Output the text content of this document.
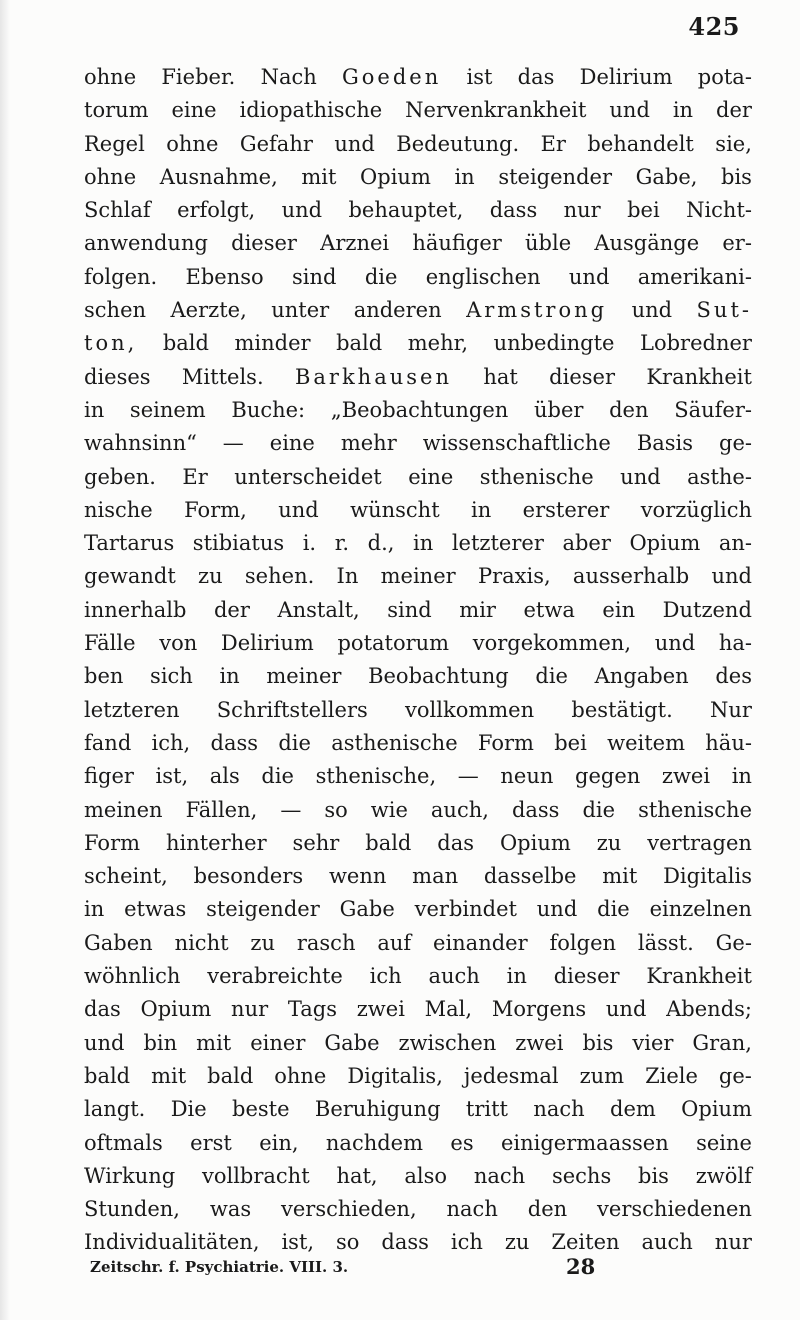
425
ohne Fieber. Nach Goeden ist das Delirium pota-
torum eine idiopathische Nervenkrankheit und in der
Regel ohne Gefahr und Bedeutung. Er behandelt sie,
ohne Ausnahme, mit Opium in steigender Gabe, bis
Schlaf erfolgt, und behauptet, dass nur bei Nicht-
anwendung dieser Arznei häufiger üble Ausgänge er-
folgen. Ebenso sind die englischen und amerikani-
schen Aerzte, unter anderen Armstrong und Sut-
ton, bald minder bald mehr, unbedingte Lobredner
dieses Mittels. Barkhausen hat dieser Krankheit
in seinem Buche: „Beobachtungen über den Säufer-
wahnsinn“ — eine mehr wissenschaftliche Basis ge-
geben. Er unterscheidet eine sthenische und asthe-
nische Form, und wünscht in ersterer vorzüglich
Tartarus stibiatus i. r. d., in letzterer aber Opium an-
gewandt zu sehen. In meiner Praxis, ausserhalb und
innerhalb der Anstalt, sind mir etwa ein Dutzend
Fälle von Delirium potatorum vorgekommen, und ha-
ben sich in meiner Beobachtung die Angaben des
letzteren Schriftstellers vollkommen bestätigt. Nur
fand ich, dass die asthenische Form bei weitem häu-
figer ist, als die sthenische, — neun gegen zwei in
meinen Fällen, — so wie auch, dass die sthenische
Form hinterher sehr bald das Opium zu vertragen
scheint, besonders wenn man dasselbe mit Digitalis
in etwas steigender Gabe verbindet und die einzelnen
Gaben nicht zu rasch auf einander folgen lässt. Ge-
wöhnlich verabreichte ich auch in dieser Krankheit
das Opium nur Tags zwei Mal, Morgens und Abends;
und bin mit einer Gabe zwischen zwei bis vier Gran,
bald mit bald ohne Digitalis, jedesmal zum Ziele ge-
langt. Die beste Beruhigung tritt nach dem Opium
oftmals erst ein, nachdem es einigermaassen seine
Wirkung vollbracht hat, also nach sechs bis zwölf
Stunden, was verschieden, nach den verschiedenen
Individualitäten, ist, so dass ich zu Zeiten auch nur
Zeitschr. f. Psychiatrie. VIII. 3.	28
